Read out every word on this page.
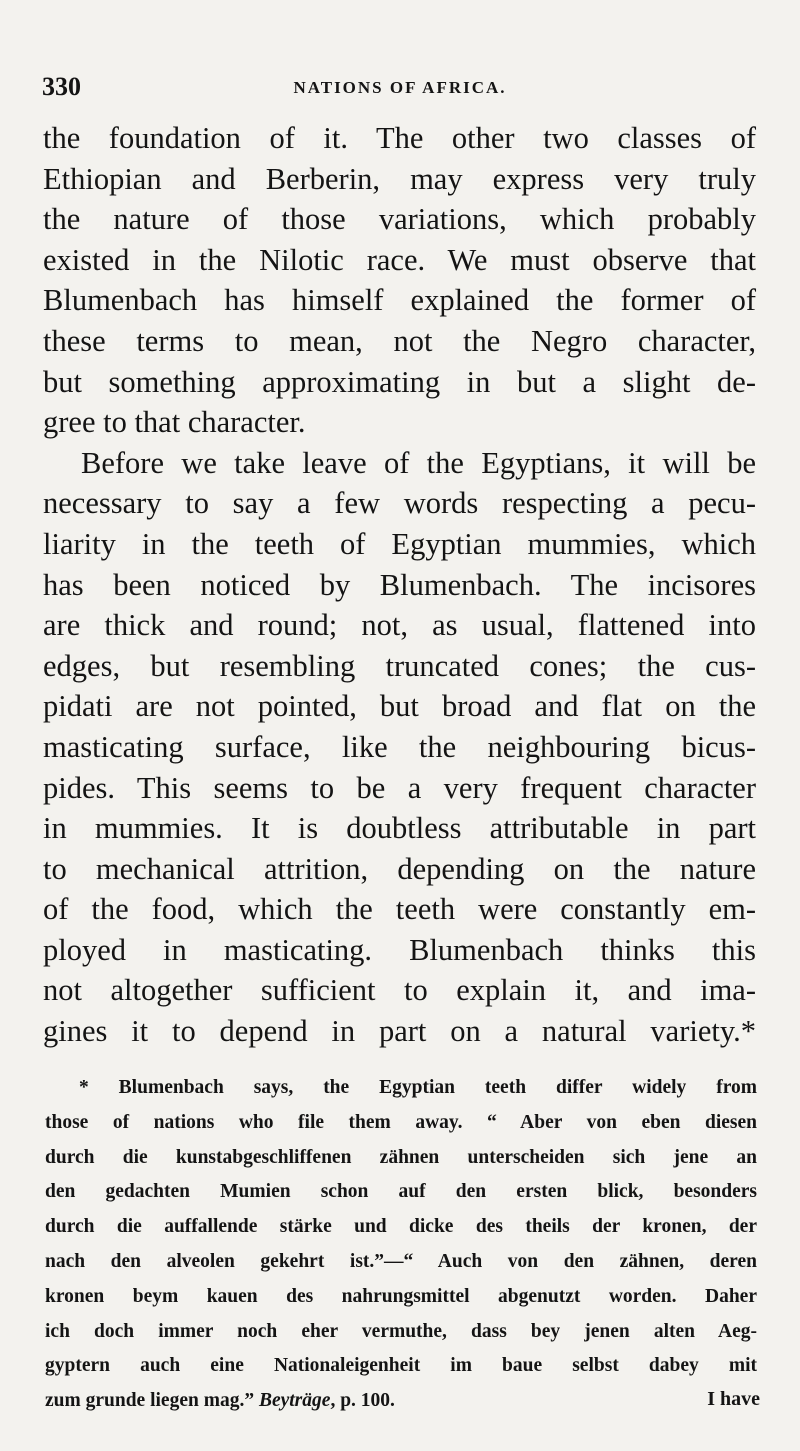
330	NATIONS OF AFRICA.
the foundation of it. The other two classes of
Ethiopian and Berberin, may express very truly
the nature of those variations, which probably
existed in the Nilotic race. We must observe that
Blumenbach has himself explained the former of
these terms to mean, not the Negro character,
but something approximating in but a slight de-
gree to that character.
Before we take leave of the Egyptians, it will be
necessary to say a few words respecting a pecu-
liarity in the teeth of Egyptian mummies, which
has been noticed by Blumenbach. The incisores
are thick and round; not, as usual, flattened into
edges, but resembling truncated cones; the cus-
pidati are not pointed, but broad and flat on the
masticating surface, like the neighbouring bicus-
pides. This seems to be a very frequent character
in mummies. It is doubtless attributable in part
to mechanical attrition, depending on the nature
of the food, which the teeth were constantly em-
ployed in masticating. Blumenbach thinks this
not altogether sufficient to explain it, and ima-
gines it to depend in part on a natural variety.*
* Blumenbach says, the Egyptian teeth differ widely from
those of nations who file them away. “ Aber von eben diesen
durch die kunstabgeschliffenen zähnen unterscheiden sich jene an
den gedachten Mumien schon auf den ersten blick, besonders
durch die auffallende stärke und dicke des theils der kronen, der
nach den alveolen gekehrt ist.”—“ Auch von den zähnen, deren
kronen beym kauen des nahrungsmittel abgenutzt worden. Daher
ich doch immer noch eher vermuthe, dass bey jenen alten Aeg-
gyptern auch eine Nationaleigenheit im baue selbst dabey mit
zum grunde liegen mag.” Beyträge, p. 100.	I have
